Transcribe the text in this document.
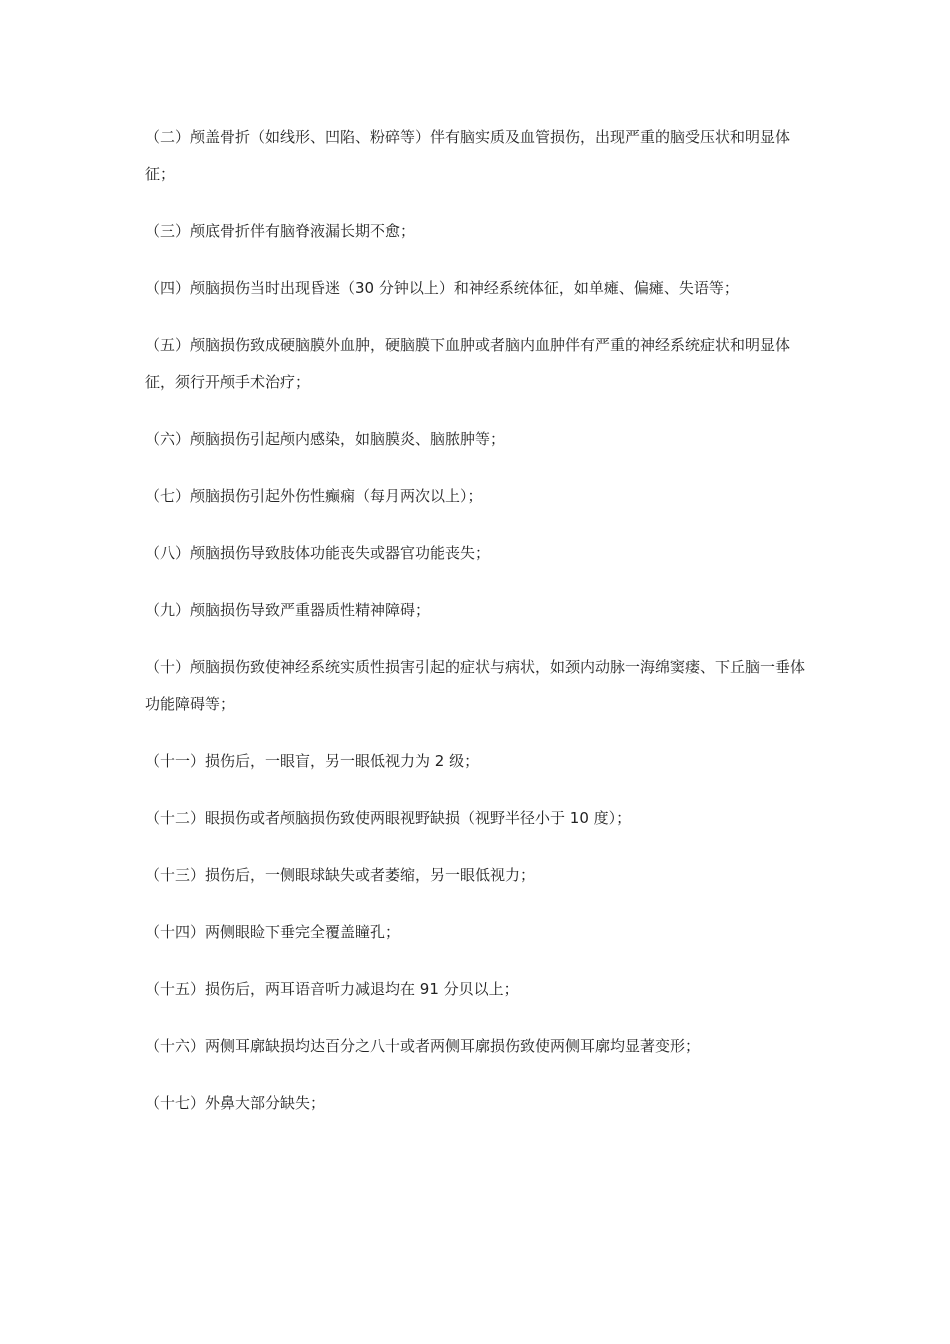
（二）颅盖骨折（如线形、凹陷、粉碎等）伴有脑实质及血管损伤，出现严重的脑受压状和明显体征；

（三）颅底骨折伴有脑脊液漏长期不愈；

（四）颅脑损伤当时出现昏迷（30 分钟以上）和神经系统体征，如单瘫、偏瘫、失语等；

（五）颅脑损伤致成硬脑膜外血肿，硬脑膜下血肿或者脑内血肿伴有严重的神经系统症状和明显体征，须行开颅手术治疗；

（六）颅脑损伤引起颅内感染，如脑膜炎、脑脓肿等；

（七）颅脑损伤引起外伤性癫痫（每月两次以上）；

（八）颅脑损伤导致肢体功能丧失或器官功能丧失；

（九）颅脑损伤导致严重器质性精神障碍；

（十）颅脑损伤致使神经系统实质性损害引起的症状与病状，如颈内动脉一海绵窦瘘、下丘脑一垂体功能障碍等；

（十一）损伤后，一眼盲，另一眼低视力为 2 级；

（十二）眼损伤或者颅脑损伤致使两眼视野缺损（视野半径小于 10 度）；

（十三）损伤后，一侧眼球缺失或者萎缩，另一眼低视力；

（十四）两侧眼睑下垂完全覆盖瞳孔；

（十五）损伤后，两耳语音听力减退均在 91 分贝以上；

（十六）两侧耳廓缺损均达百分之八十或者两侧耳廓损伤致使两侧耳廓均显著变形；

（十七）外鼻大部分缺失；
